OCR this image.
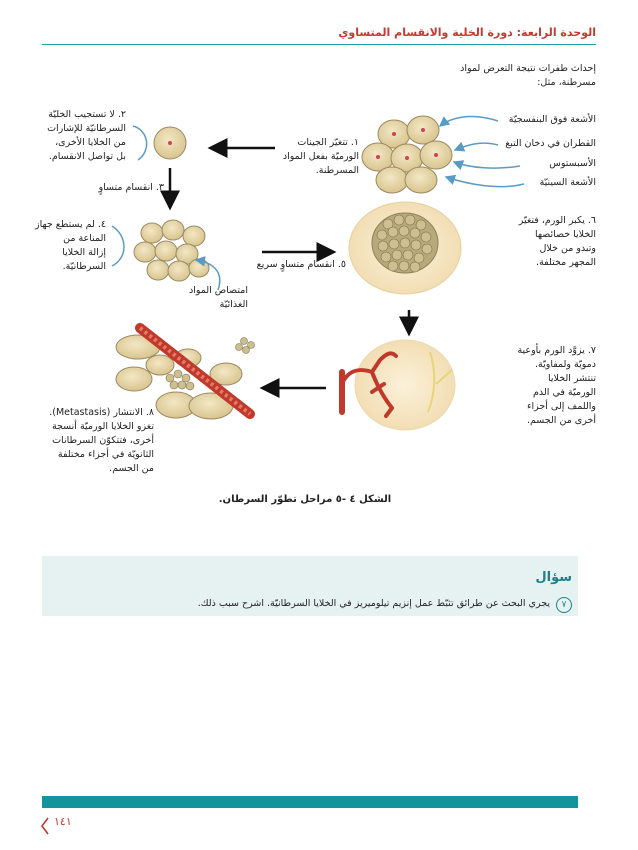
الوحدة الرابعة: دورة الخلية والانقسام المتساوي
إحداث طفرات نتيجة التعرض لمواد
مسرطنة، مثل:
الأشعة فوق البنفسجيّة
القطران في دخان التبغ
الأسبستوس
الأشعة السينيّة
١. تتغيّر الجينات
الورميّة بفعل المواد
المسرطنة.
٢. لا تستجيب الخليّة
السرطانيّة للإشارات
من الخلايا الأخرى،
بل تواصل الانقسام.
٣. انقسام متساوٍ
٤. لم يستطع جهاز
المناعة من
إزالة الخلايا
السرطانيّة.
امتصاص المواد
الغذائيّة
٥. انقسام متساوٍ سريع
٦. يكبر الورم، فتغيّر
الخلايا خصائصها
وتبدو من خلال
المجهر مختلفة.
٧. يزوَّد الورم بأوعية
دمويّة ولمفاويّة.
تنتشر الخلايا
الورميّة في الدم
واللمف إلى أجزاء
أخرى من الجسم.
٨. الانتشار (Metastasis).
تغزو الخلايا الورميّة أنسجة
أخرى، فتتكوّن السرطانات
الثانويّة في أجزاء مختلفة
من الجسم.
الشكل ٤ -٥ مراحل تطوّر السرطان.
سؤال
٧
يجري البحث عن طرائق تثبّط عمل إنزيم تيلوميريز في الخلايا السرطانيّة. اشرح سبب ذلك.
١٤١
